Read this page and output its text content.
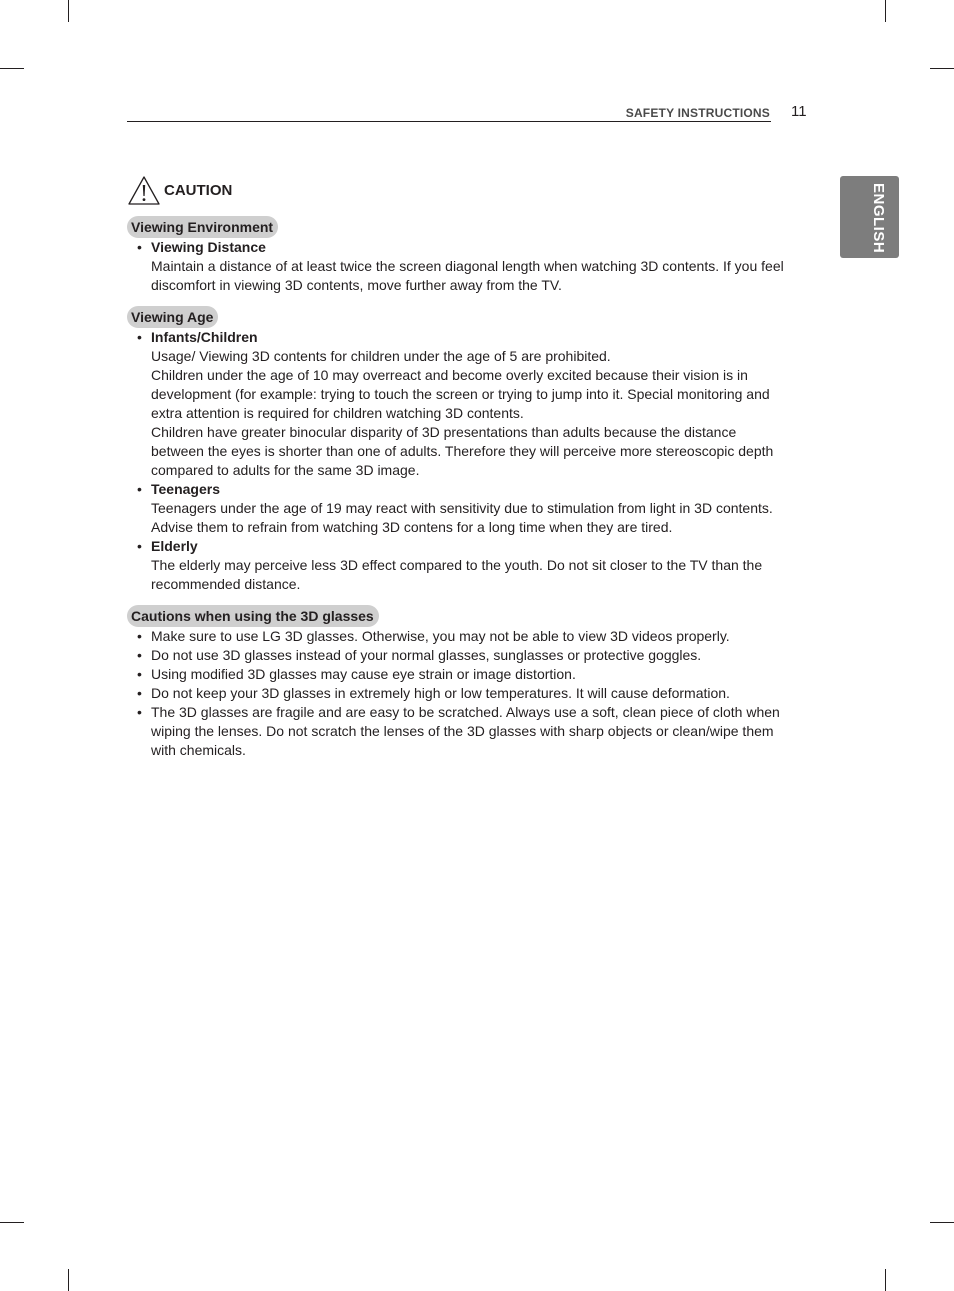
SAFETY INSTRUCTIONS 11
ENGLISH
CAUTION
Viewing Environment
• Viewing Distance
Maintain a distance of at least twice the screen diagonal length when watching 3D contents. If you feel discomfort in viewing 3D contents, move further away from the TV.
Viewing Age
• Infants/Children
Usage/ Viewing 3D contents for children under the age of 5 are prohibited.
Children under the age of 10 may overreact and become overly excited because their vision is in development (for example: trying to touch the screen or trying to jump into it. Special monitoring and extra attention is required for children watching 3D contents.
Children have greater binocular disparity of 3D presentations than adults because the distance between the eyes is shorter than one of adults. Therefore they will perceive more stereoscopic depth compared to adults for the same 3D image.
• Teenagers
Teenagers under the age of 19 may react with sensitivity due to stimulation from light in 3D contents. Advise them to refrain from watching 3D contens for a long time when they are tired.
• Elderly
The elderly may perceive less 3D effect compared to the youth. Do not sit closer to the TV than the recommended distance.
Cautions when using the 3D glasses
• Make sure to use LG 3D glasses. Otherwise, you may not be able to view 3D videos properly.
• Do not use 3D glasses instead of your normal glasses, sunglasses or protective goggles.
• Using modified 3D glasses may cause eye strain or image distortion.
• Do not keep your 3D glasses in extremely high or low temperatures. It will cause deformation.
• The 3D glasses are fragile and are easy to be scratched. Always use a soft, clean piece of cloth when wiping the lenses. Do not scratch the lenses of the 3D glasses with sharp objects or clean/wipe them with chemicals.
